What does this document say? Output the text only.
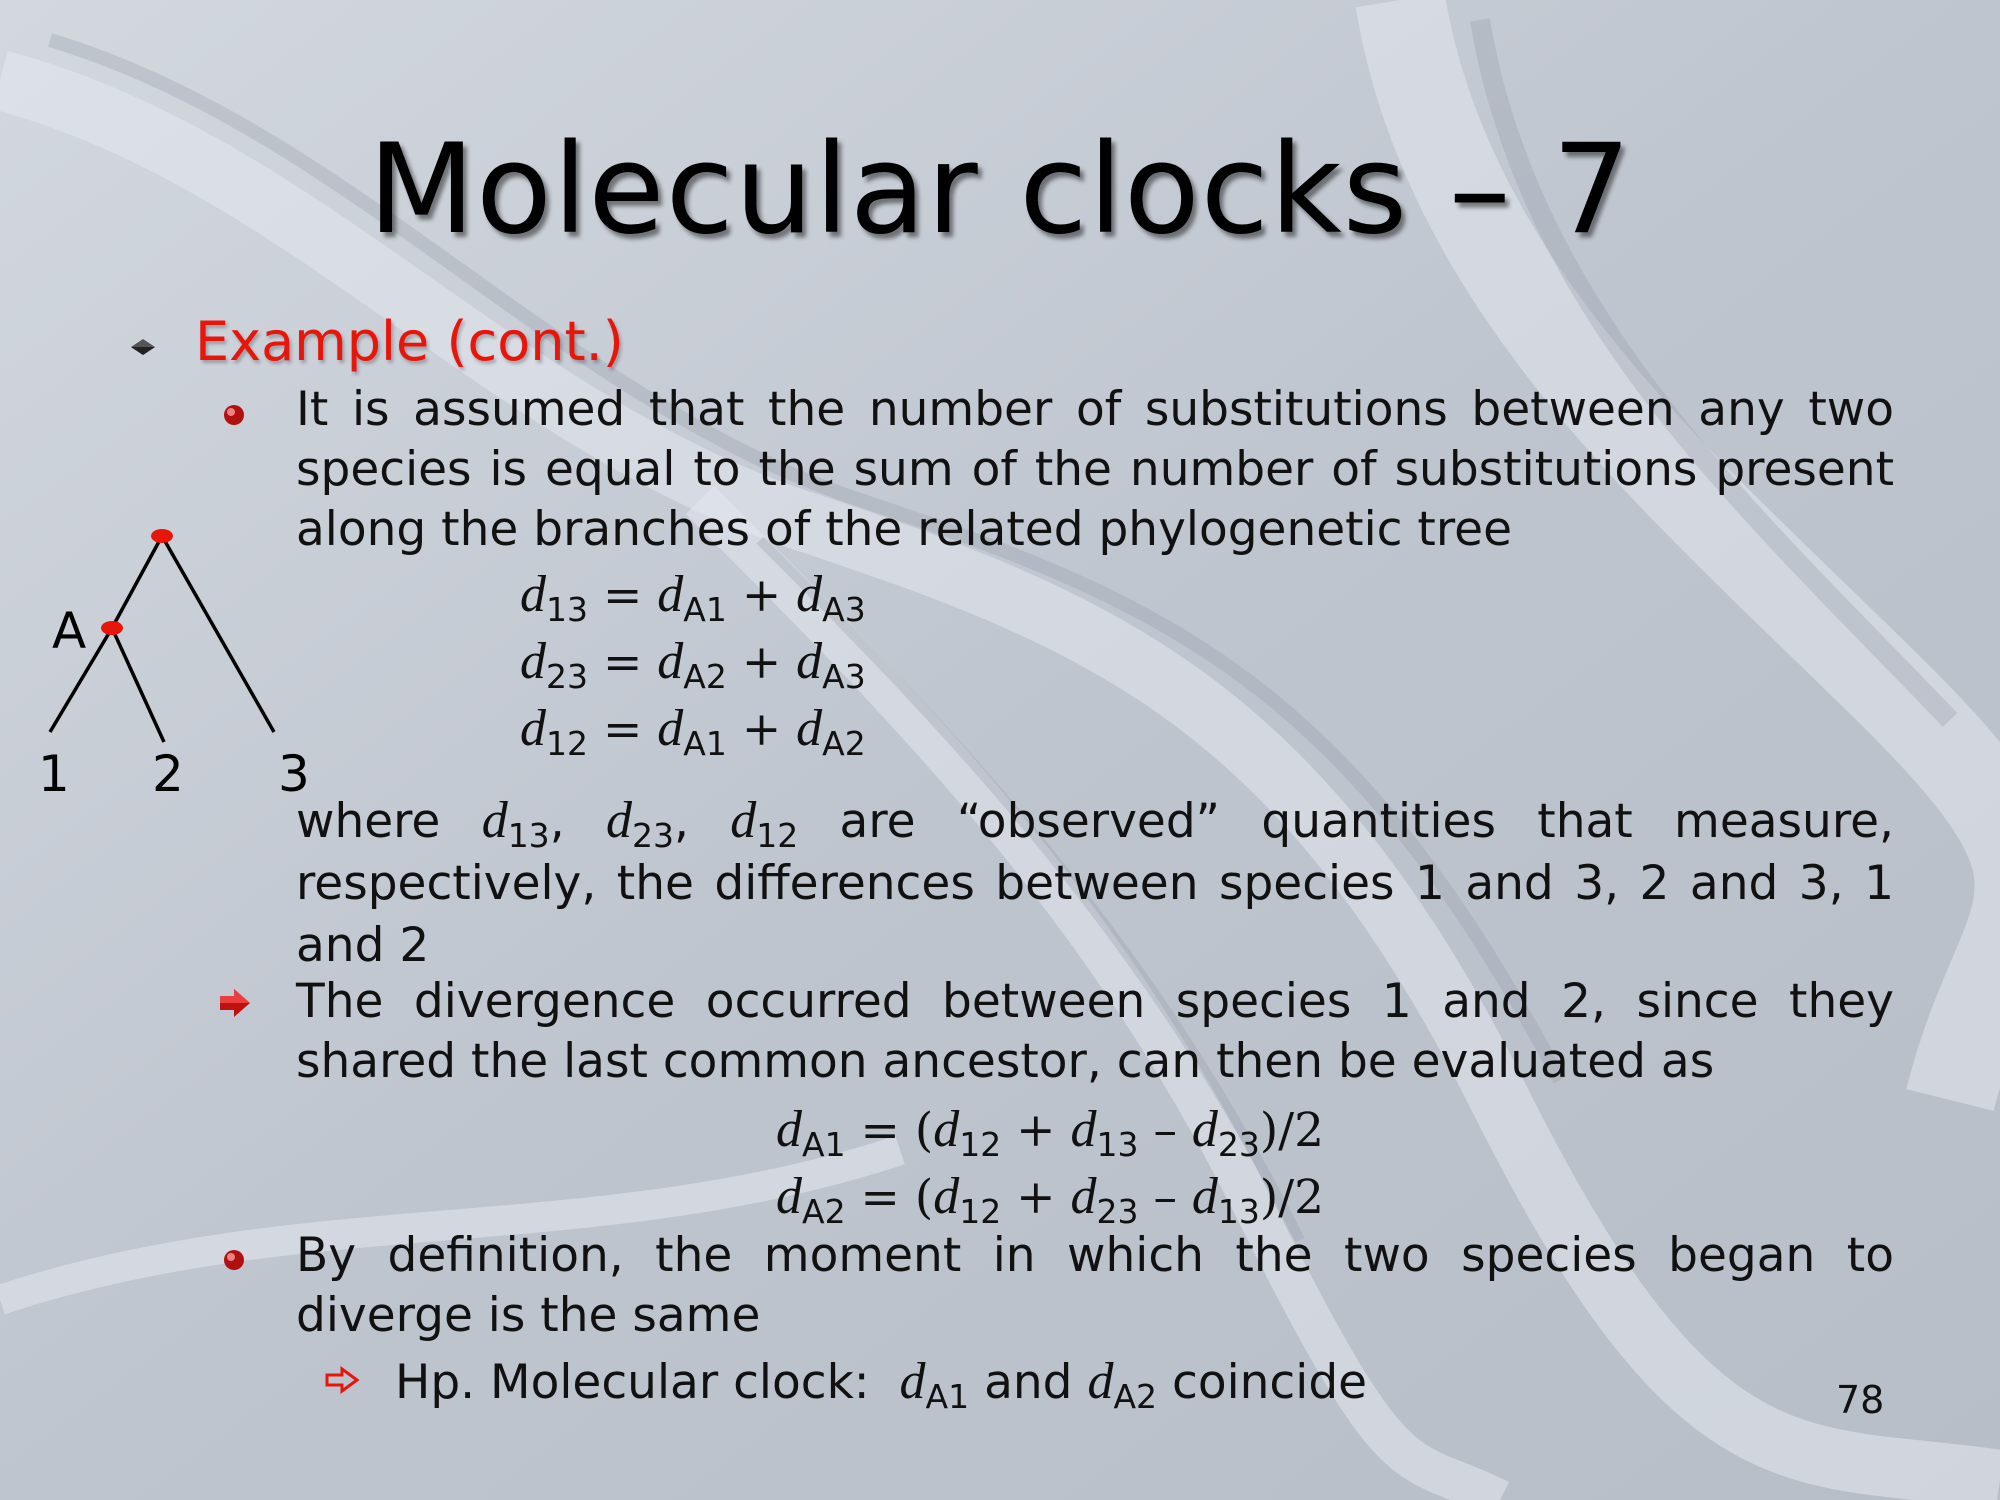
Molecular clocks – 7
Example (cont.)
It is assumed that the number of substitutions between any two species is equal to the sum of the number of substitutions present along the branches of the related phylogenetic tree
A
1 2 3
$d_{13} = d_{A1} + d_{A3}$
$d_{23} = d_{A2} + d_{A3}$
$d_{12} = d_{A1} + d_{A2}$
where $d_{13}$, $d_{23}$, $d_{12}$ are “observed” quantities that measure, respectively, the differences between species 1 and 3, 2 and 3, 1 and 2
The divergence occurred between species 1 and 2, since they shared the last common ancestor, can then be evaluated as
$d_{A1} = (d_{12} + d_{13} - d_{23})/2$
$d_{A2} = (d_{12} + d_{23} - d_{13})/2$
By definition, the moment in which the two species began to diverge is the same
Hp. Molecular clock: $d_{A1}$ and $d_{A2}$ coincide	78
